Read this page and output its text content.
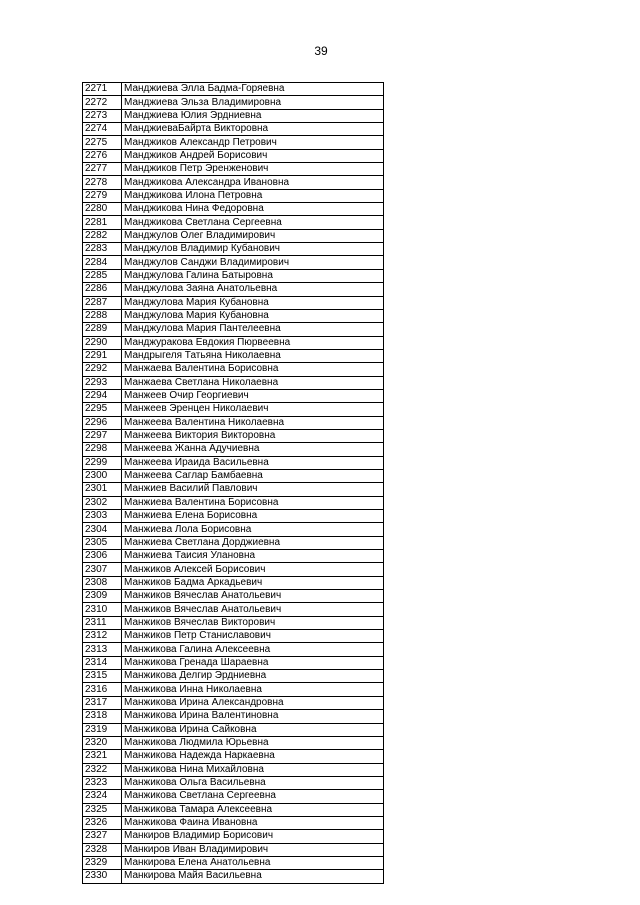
39
2271	Манджиева Элла Бадма-Горяевна
2272	Манджиева Эльза Владимировна
2273	Манджиева Юлия Эрдниевна
2274	МанджиеваБайрта Викторовна
2275	Манджиков Александр Петрович
2276	Манджиков Андрей Борисович
2277	Манджиков Петр Эренженович
2278	Манджикова Александра Ивановна
2279	Манджикова Илона Петровна
2280	Манджикова Нина Федоровна
2281	Манджикова Светлана Сергеевна
2282	Манджулов Олег Владимирович
2283	Манджулов Владимир Кубанович
2284	Манджулов Санджи Владимирович
2285	Манджулова Галина Батыровна
2286	Манджулова Заяна Анатольевна
2287	Манджулова Мария Кубановна
2288	Манджулова Мария Кубановна
2289	Манджулова Мария Пантелеевна
2290	Манджуракова Евдокия Пюрвеевна
2291	Мандрыгеля Татьяна Николаевна
2292	Манжаева Валентина Борисовна
2293	Манжаева Светлана Николаевна
2294	Манжеев Очир Георгиевич
2295	Манжеев Эренцен Николаевич
2296	Манжеева Валентина Николаевна
2297	Манжеева Виктория Викторовна
2298	Манжеева Жанна Адучиевна
2299	Манжеева Ираида Васильевна
2300	Манжеева Саглар Бамбаевна
2301	Манжиев Василий Павлович
2302	Манжиева Валентина Борисовна
2303	Манжиева Елена Борисовна
2304	Манжиева Лола Борисовна
2305	Манжиева Светлана Дорджиевна
2306	Манжиева Таисия Улановна
2307	Манжиков Алексей Борисович
2308	Манжиков Бадма Аркадьевич
2309	Манжиков Вячеслав Анатольевич
2310	Манжиков Вячеслав Анатольевич
2311	Манжиков Вячеслав Викторович
2312	Манжиков Петр Станиславович
2313	Манжикова Галина Алексеевна
2314	Манжикова Гренада Шараевна
2315	Манжикова Делгир Эрдниевна
2316	Манжикова Инна Николаевна
2317	Манжикова Ирина Александровна
2318	Манжикова Ирина Валентиновна
2319	Манжикова Ирина Сайковна
2320	Манжикова Людмила Юрьевна
2321	Манжикова Надежда Наркаевна
2322	Манжикова Нина Михайловна
2323	Манжикова Ольга Васильевна
2324	Манжикова Светлана Сергеевна
2325	Манжикова Тамара Алексеевна
2326	Манжикова Фаина Ивановна
2327	Манкиров Владимир Борисович
2328	Манкиров Иван Владимирович
2329	Манкирова Елена Анатольевна
2330	Манкирова Майя Васильевна
